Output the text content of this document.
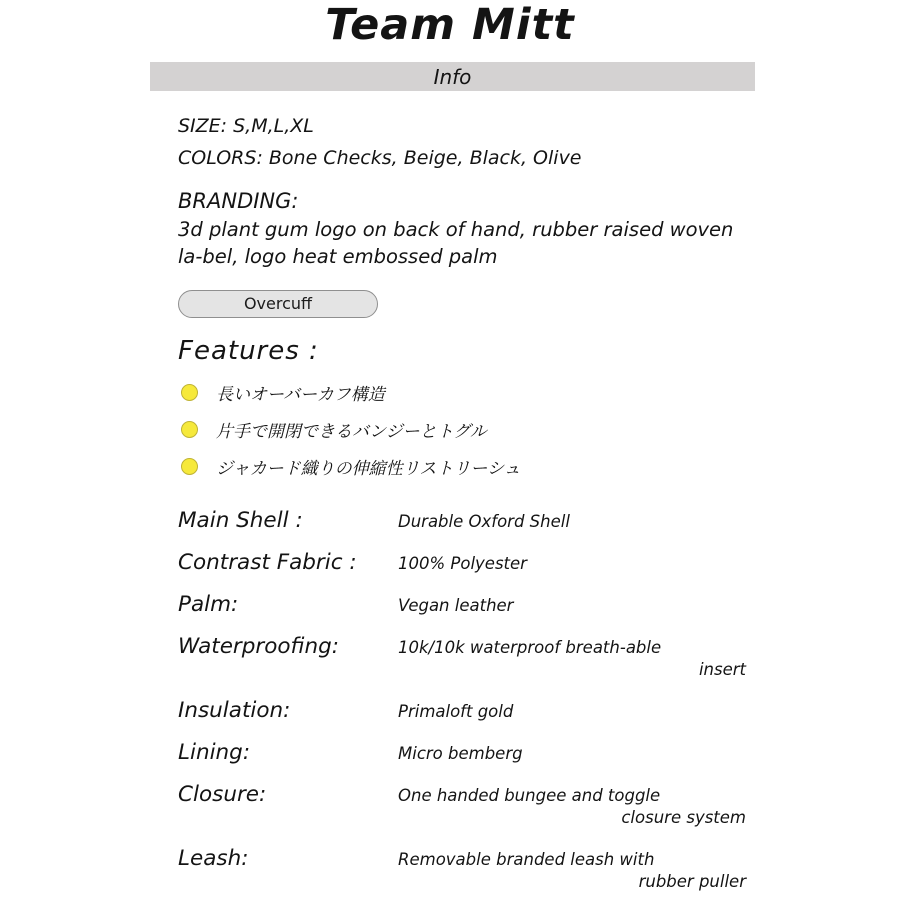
Team Mitt
Info

SIZE: S,M,L,XL

COLORS: Bone Checks, Beige, Black, Olive

BRANDING:

3d plant gum logo on back of hand, rubber raised woven

la-bel, logo heat embossed palm

Overcuff
Features :
長いオーバーカフ構造
片手で開閉できるバンジーとトグル
ジャカード織りの伸縮性リストリーシュ
Main Shell :	Durable Oxford Shell
Contrast Fabric :	100% Polyester
Palm:	Vegan leather
Waterproofing:	10k/10k waterproof breath-able
insert
Insulation:	Primaloft gold
Lining:	Micro bemberg
Closure:	One handed bungee and toggle
closure system
Leash:	Removable branded leash with
rubber puller
